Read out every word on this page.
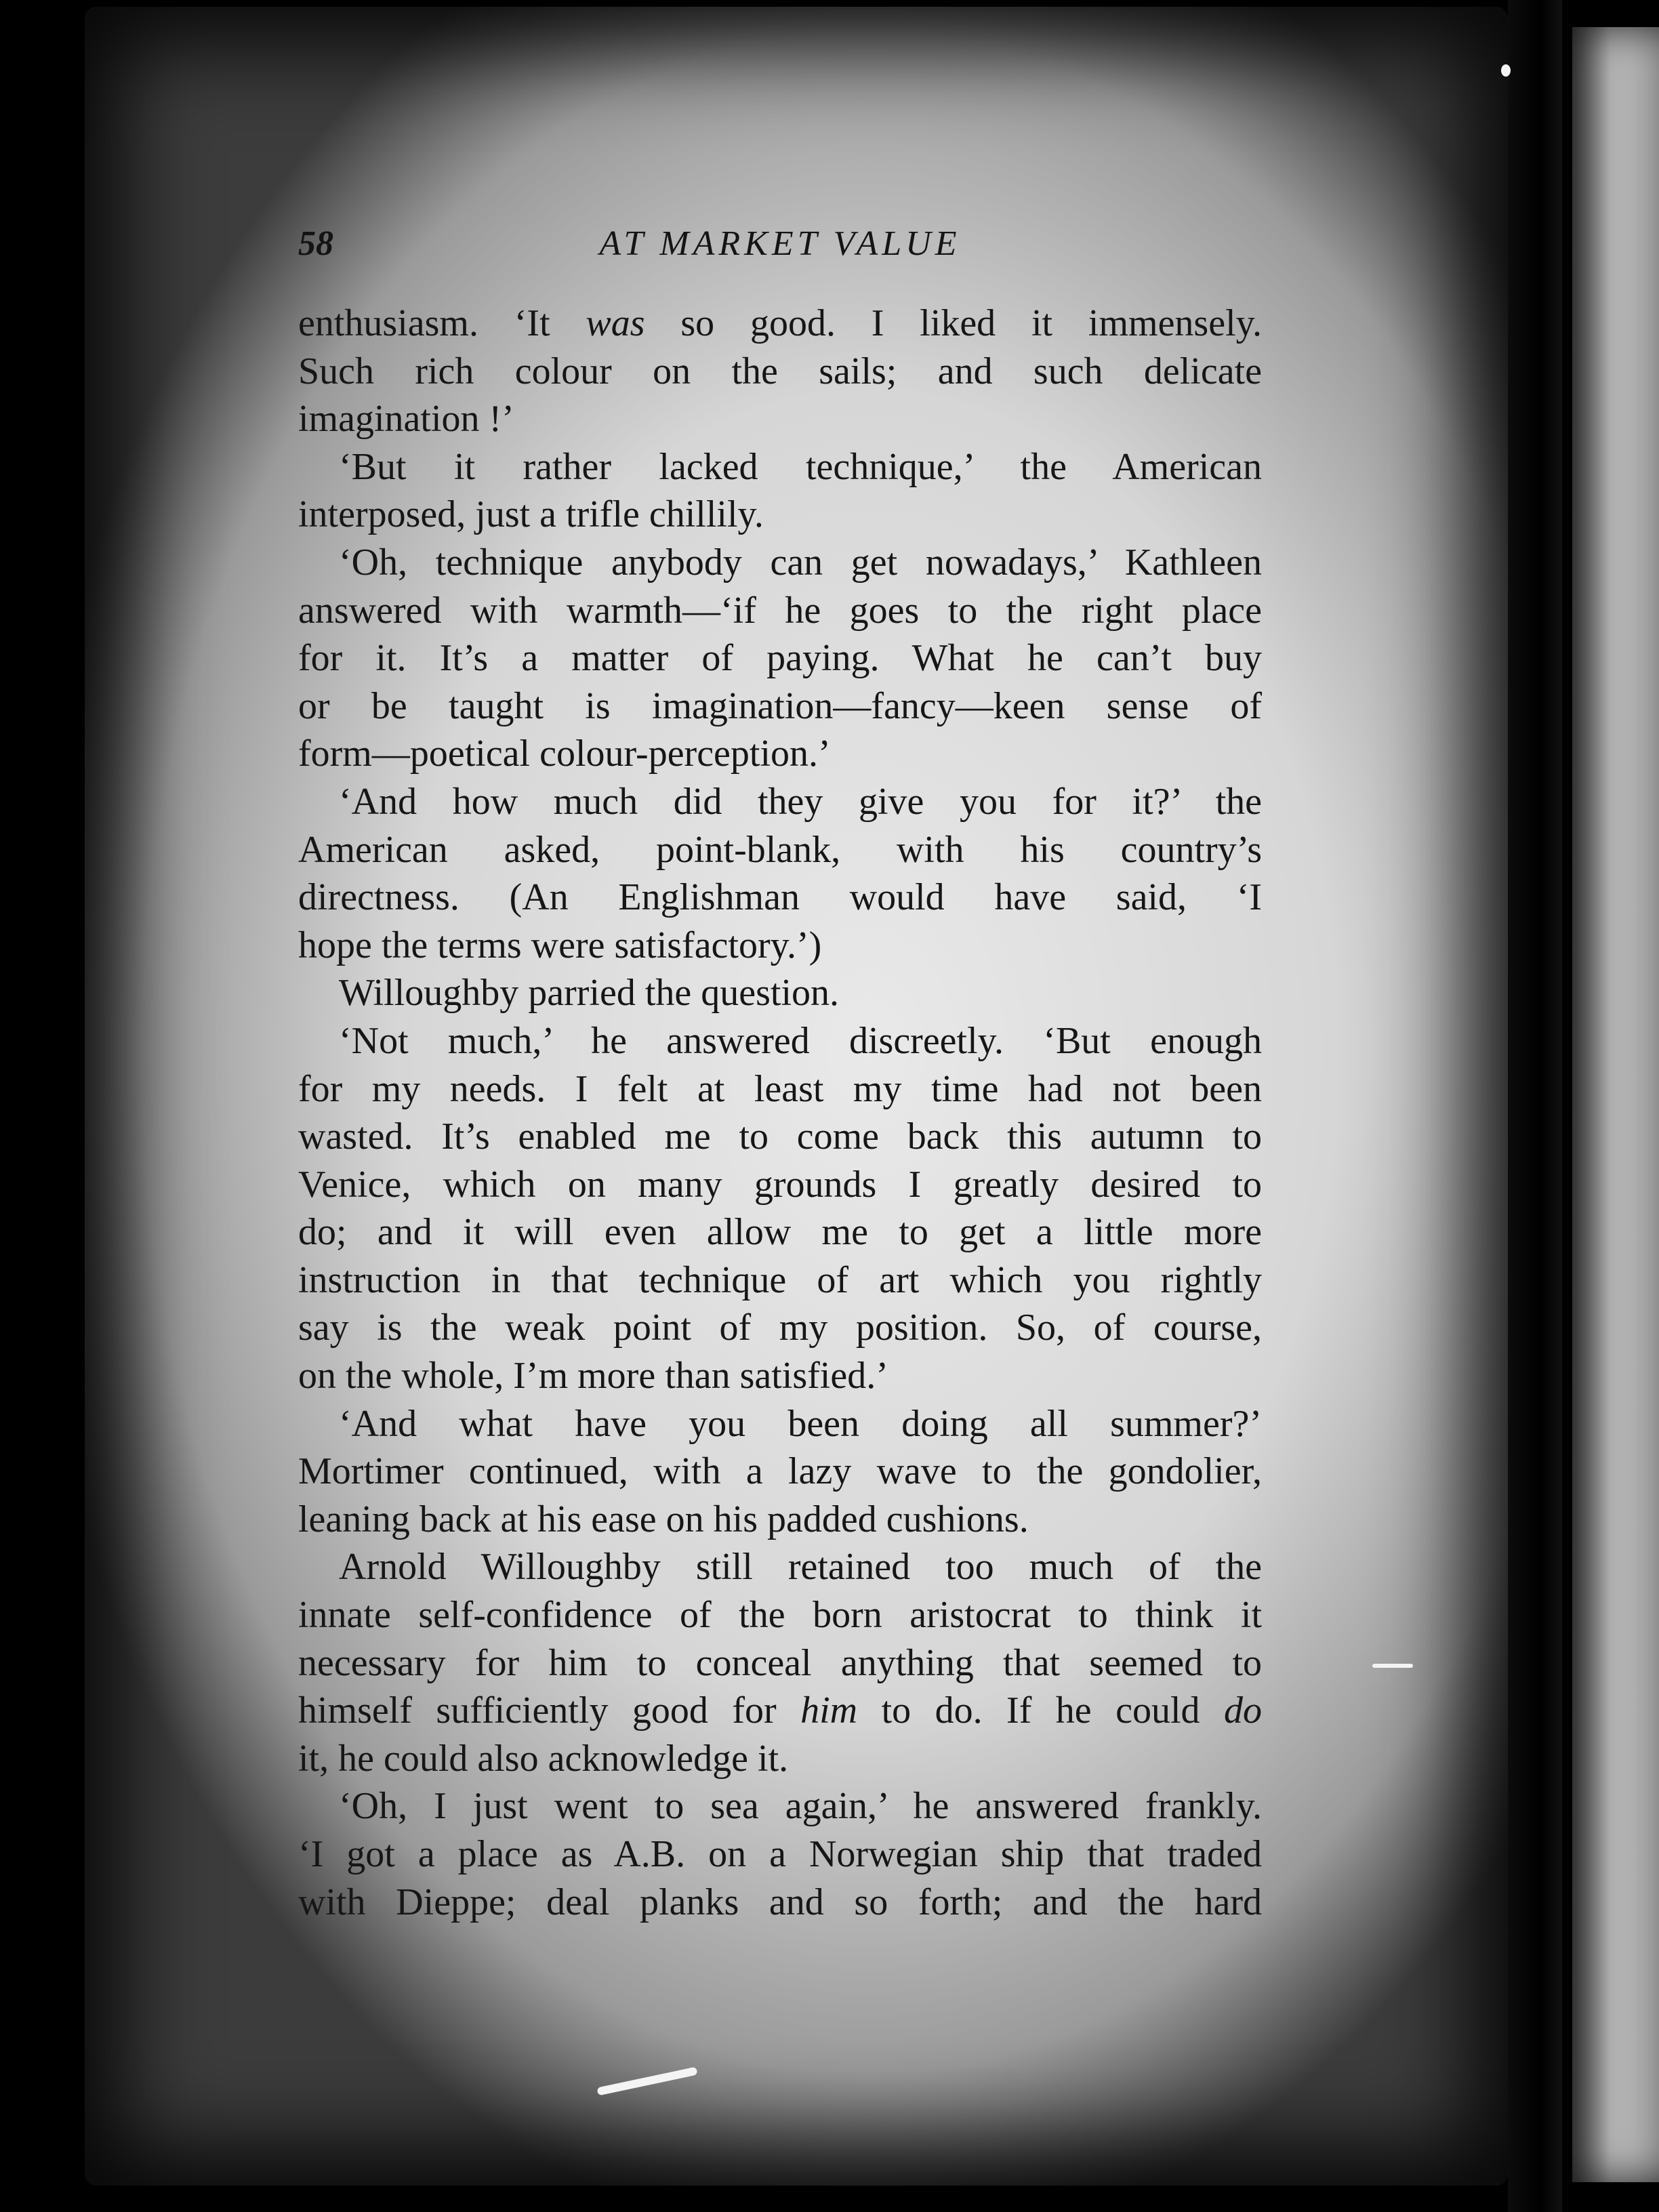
58	AT MARKET VALUE
enthusiasm. ‘It was so good. I liked it immensely.
Such rich colour on the sails; and such delicate
imagination !’
‘But it rather lacked technique,’ the American
interposed, just a trifle chillily.
‘Oh, technique anybody can get nowadays,’ Kathleen
answered with warmth—‘if he goes to the right place
for it. It’s a matter of paying. What he can’t buy
or be taught is imagination—fancy—keen sense of
form—poetical colour-perception.’
‘And how much did they give you for it?’ the
American asked, point-blank, with his country’s
directness. (An Englishman would have said, ‘I
hope the terms were satisfactory.’)
Willoughby parried the question.
‘Not much,’ he answered discreetly. ‘But enough
for my needs. I felt at least my time had not been
wasted. It’s enabled me to come back this autumn to
Venice, which on many grounds I greatly desired to
do; and it will even allow me to get a little more
instruction in that technique of art which you rightly
say is the weak point of my position. So, of course,
on the whole, I’m more than satisfied.’
‘And what have you been doing all summer?’
Mortimer continued, with a lazy wave to the gondolier,
leaning back at his ease on his padded cushions.
Arnold Willoughby still retained too much of the
innate self-confidence of the born aristocrat to think it
necessary for him to conceal anything that seemed to
himself sufficiently good for him to do. If he could do
it, he could also acknowledge it.
‘Oh, I just went to sea again,’ he answered frankly.
‘I got a place as A.B. on a Norwegian ship that traded
with Dieppe; deal planks and so forth; and the hard
